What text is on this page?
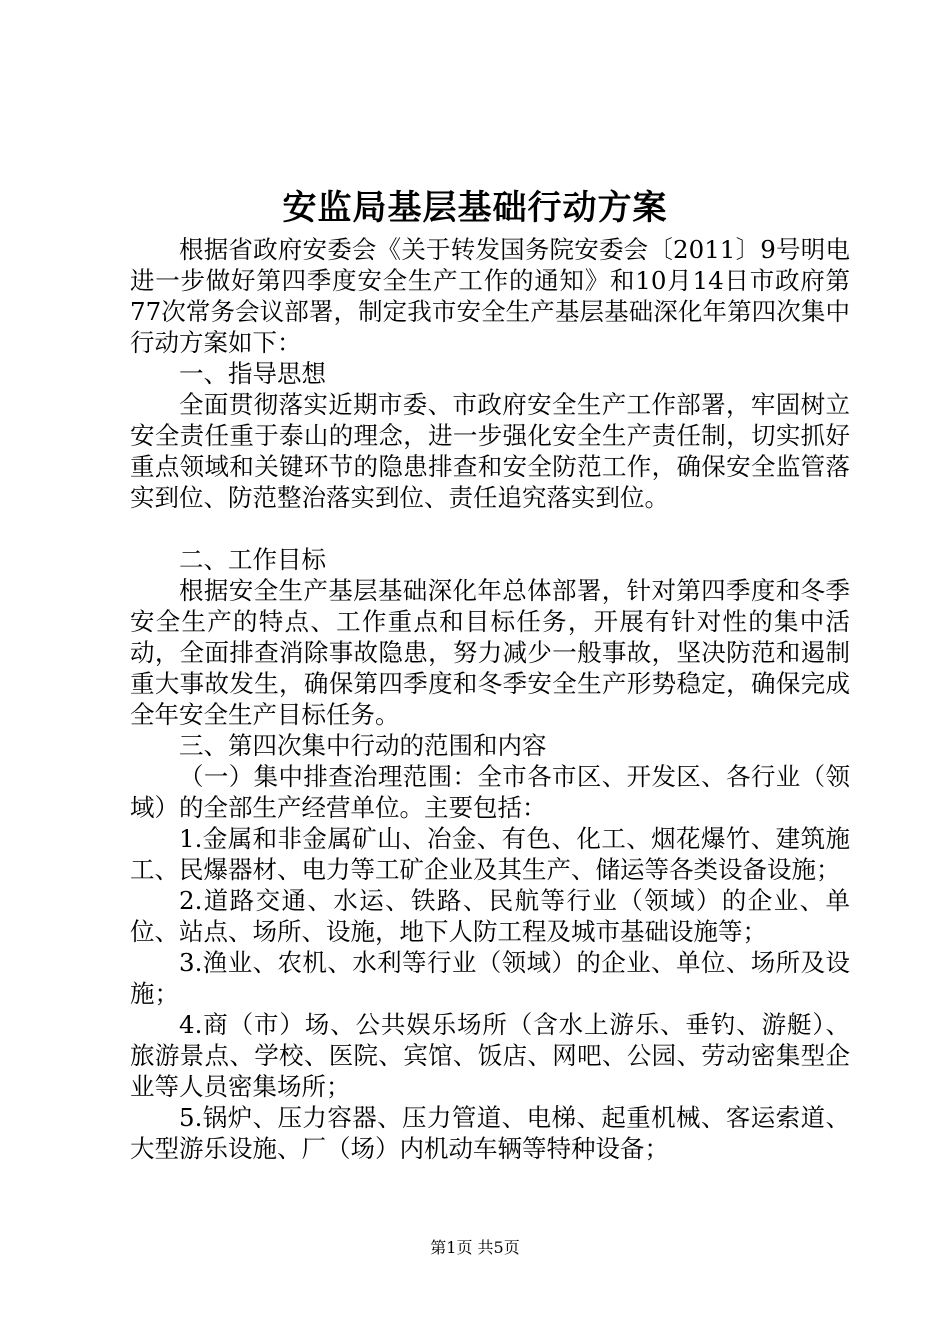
安监局基层基础行动方案

根据省政府安委会《关于转发国务院安委会〔2011〕9号明电进一步做好第四季度安全生产工作的通知》和10月14日市政府第77次常务会议部署，制定我市安全生产基层基础深化年第四次集中行动方案如下：

一、指导思想

全面贯彻落实近期市委、市政府安全生产工作部署，牢固树立安全责任重于泰山的理念，进一步强化安全生产责任制，切实抓好重点领域和关键环节的隐患排查和安全防范工作，确保安全监管落实到位、防范整治落实到位、责任追究落实到位。

二、工作目标

根据安全生产基层基础深化年总体部署，针对第四季度和冬季安全生产的特点、工作重点和目标任务，开展有针对性的集中活动，全面排查消除事故隐患，努力减少一般事故，坚决防范和遏制重大事故发生，确保第四季度和冬季安全生产形势稳定，确保完成全年安全生产目标任务。

三、第四次集中行动的范围和内容

（一）集中排查治理范围：全市各市区、开发区、各行业（领域）的全部生产经营单位。主要包括：

1.金属和非金属矿山、冶金、有色、化工、烟花爆竹、建筑施工、民爆器材、电力等工矿企业及其生产、储运等各类设备设施；

2.道路交通、水运、铁路、民航等行业（领域）的企业、单位、站点、场所、设施，地下人防工程及城市基础设施等；

3.渔业、农机、水利等行业（领域）的企业、单位、场所及设施；

4.商（市）场、公共娱乐场所（含水上游乐、垂钓、游艇）、旅游景点、学校、医院、宾馆、饭店、网吧、公园、劳动密集型企业等人员密集场所；

5.锅炉、压力容器、压力管道、电梯、起重机械、客运索道、大型游乐设施、厂（场）内机动车辆等特种设备；

第1页 共5页
